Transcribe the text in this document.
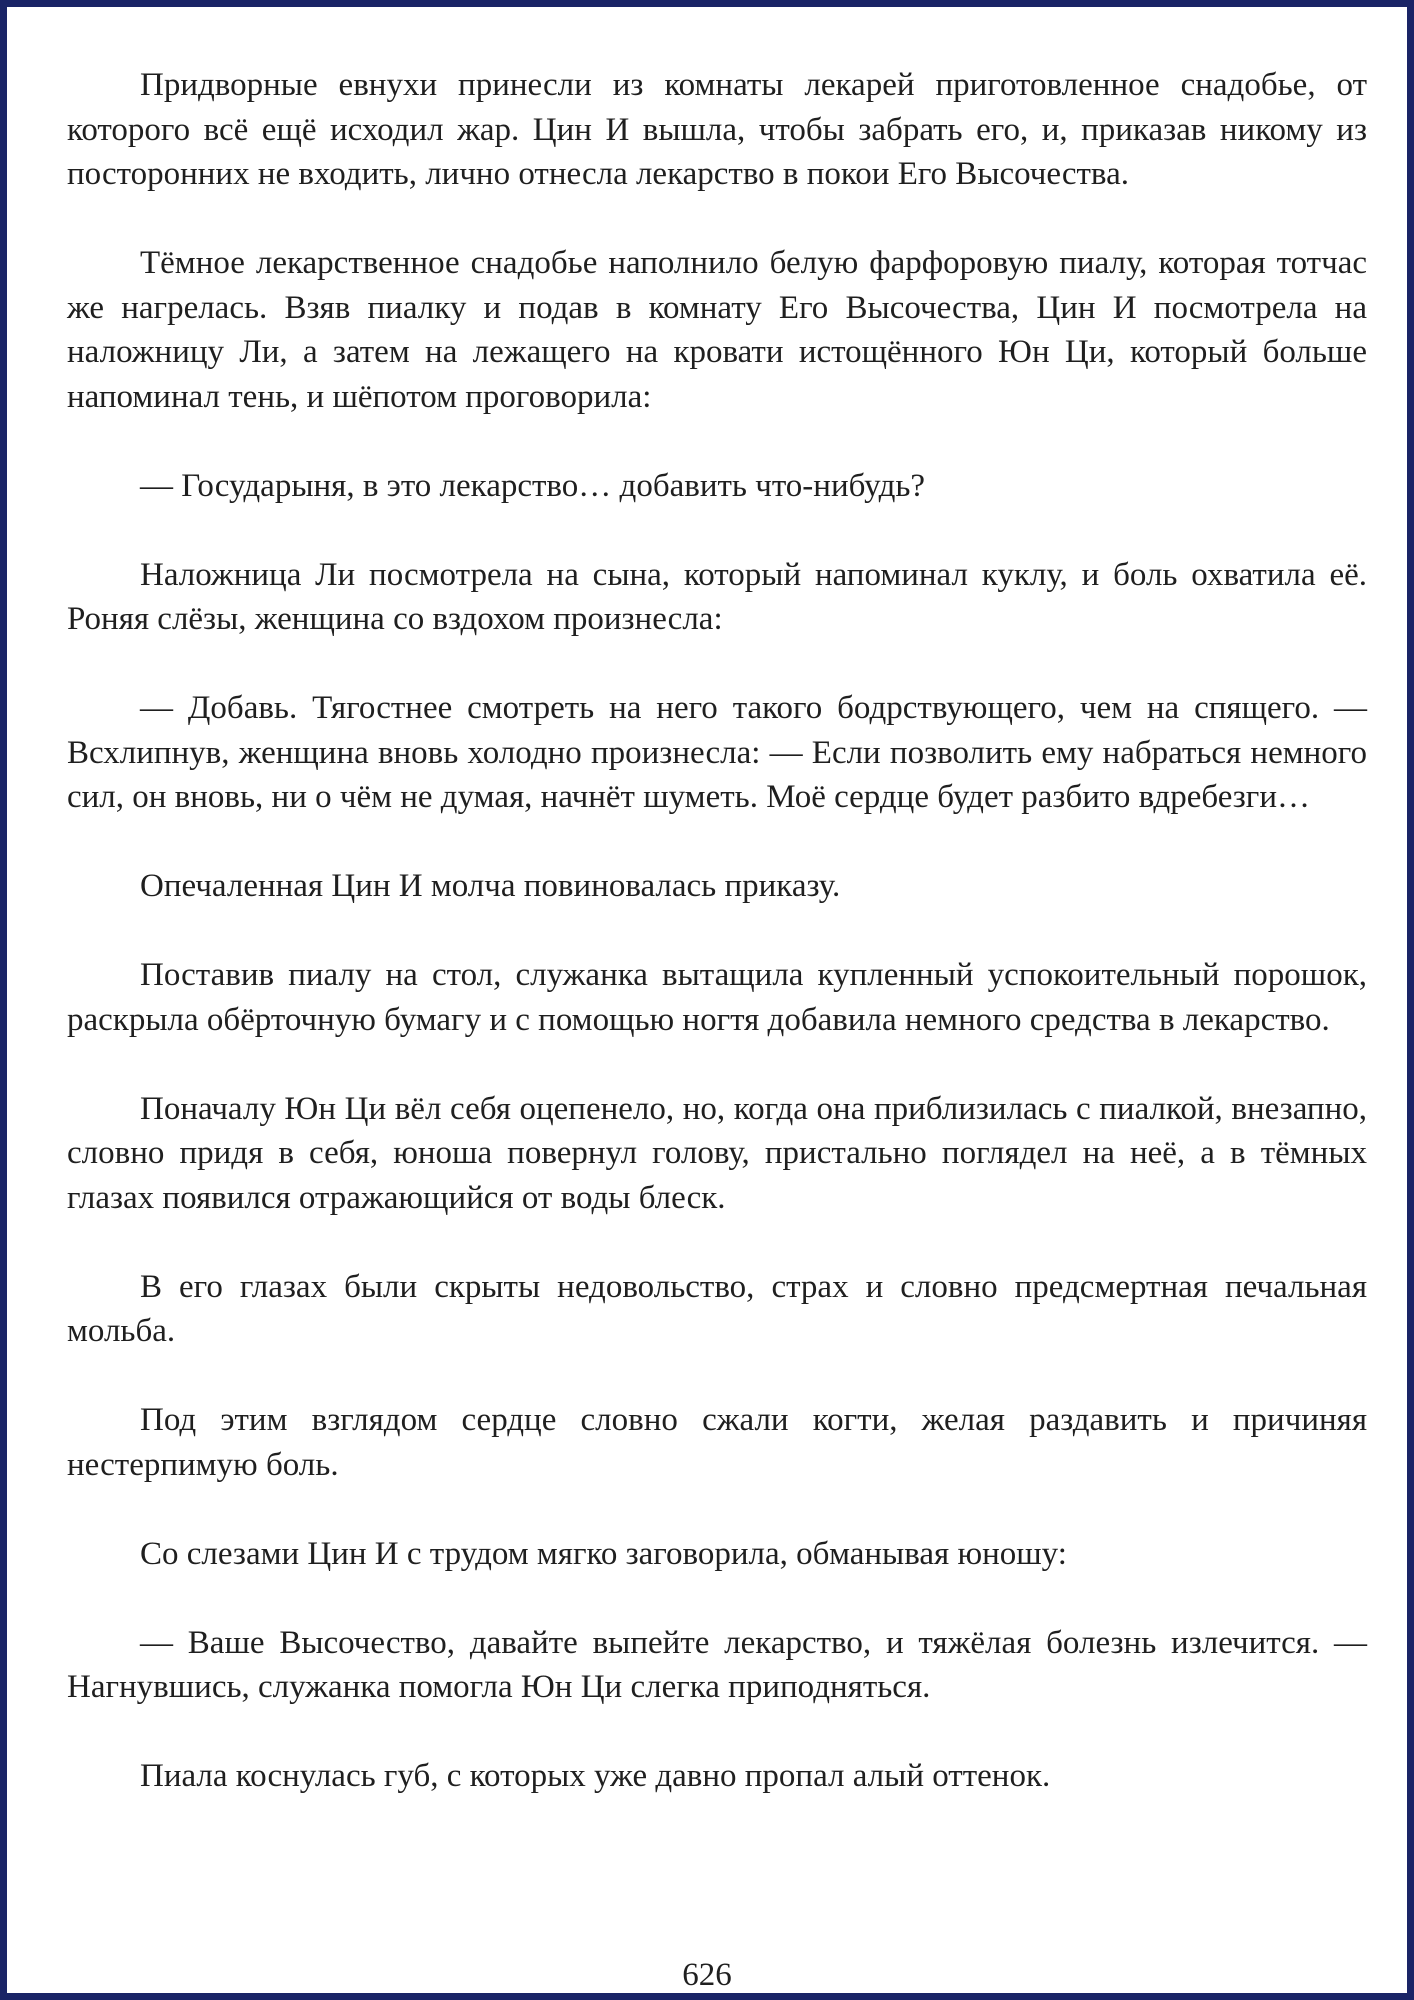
Придворные евнухи принесли из комнаты лекарей приготовленное снадобье, от которого всё ещё исходил жар. Цин И вышла, чтобы забрать его, и, приказав никому из посторонних не входить, лично отнесла лекарство в покои Его Высочества.

Тёмное лекарственное снадобье наполнило белую фарфоровую пиалу, которая тотчас же нагрелась. Взяв пиалку и подав в комнату Его Высочества, Цин И посмотрела на наложницу Ли, а затем на лежащего на кровати истощённого Юн Ци, который больше напоминал тень, и шёпотом проговорила:

— Государыня, в это лекарство… добавить что-нибудь?

Наложница Ли посмотрела на сына, который напоминал куклу, и боль охватила её. Роняя слёзы, женщина со вздохом произнесла:

— Добавь. Тягостнее смотреть на него такого бодрствующего, чем на спящего. — Всхлипнув, женщина вновь холодно произнесла: — Если позволить ему набраться немного сил, он вновь, ни о чём не думая, начнёт шуметь. Моё сердце будет разбито вдребезги…

Опечаленная Цин И молча повиновалась приказу.

Поставив пиалу на стол, служанка вытащила купленный успокоительный порошок, раскрыла обёрточную бумагу и с помощью ногтя добавила немного средства в лекарство.

Поначалу Юн Ци вёл себя оцепенело, но, когда она приблизилась с пиалкой, внезапно, словно придя в себя, юноша повернул голову, пристально поглядел на неё, а в тёмных глазах появился отражающийся от воды блеск.

В его глазах были скрыты недовольство, страх и словно предсмертная печальная мольба.

Под этим взглядом сердце словно сжали когти, желая раздавить и причиняя нестерпимую боль.

Со слезами Цин И с трудом мягко заговорила, обманывая юношу:

— Ваше Высочество, давайте выпейте лекарство, и тяжёлая болезнь излечится. — Нагнувшись, служанка помогла Юн Ци слегка приподняться.

Пиала коснулась губ, с которых уже давно пропал алый оттенок.

626
